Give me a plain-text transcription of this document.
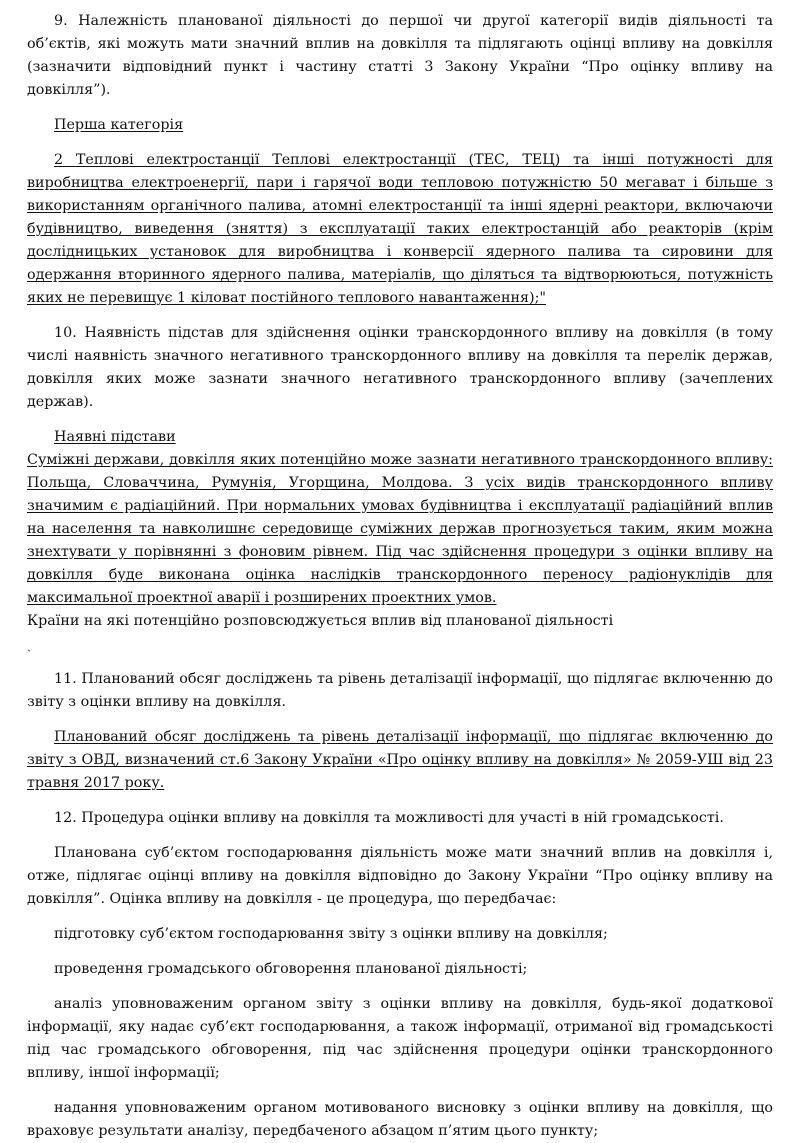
9. Належність планованої діяльності до першої чи другої категорії видів діяльності та об’єктів, які можуть мати значний вплив на довкілля та підлягають оцінці впливу на довкілля (зазначити відповідний пункт і частину статті 3 Закону України “Про оцінку впливу на довкілля”).

Перша категорія

2 Теплові електростанції Теплові електростанції (ТЕС, ТЕЦ) та інші потужності для виробництва електроенергії, пари і гарячої води тепловою потужністю 50 мегават і більше з використанням органічного палива, атомні електростанції та інші ядерні реактори, включаючи будівництво, виведення (зняття) з експлуатації таких електростанцій або реакторів (крім дослідницьких установок для виробництва і конверсії ядерного палива та сировини для одержання вторинного ядерного палива, матеріалів, що діляться та відтворюються, потужність яких не перевищує 1 кіловат постійного теплового навантаження);"

10. Наявність підстав для здійснення оцінки транскордонного впливу на довкілля (в тому числі наявність значного негативного транскордонного впливу на довкілля та перелік держав, довкілля яких може зазнати значного негативного транскордонного впливу (зачеплених держав).

Наявні підстави

Суміжні держави, довкілля яких потенційно може зазнати негативного транскордонного впливу: Польща, Словаччина, Румунія, Угорщина, Молдова. З усіх видів транскордонного впливу значимим є радіаційний. При нормальних умовах будівництва і експлуатації радіаційний вплив на населення та навколишнє середовище суміжних держав прогнозується таким, яким можна знехтувати у порівнянні з фоновим рівнем. Під час здійснення процедури з оцінки впливу на довкілля буде виконана оцінка наслідків транскордонного переносу радіонуклідів для максимальної проектної аварії і розширених проектних умов.

Країни на які потенційно розповсюджується вплив від планованої діяльності

ˏ

11. Планований обсяг досліджень та рівень деталізації інформації, що підлягає включенню до звіту з оцінки впливу на довкілля.

Планований обсяг досліджень та рівень деталізації інформації, що підлягає включенню до звіту з ОВД, визначений ст.6 Закону України «Про оцінку впливу на довкілля» № 2059-УШ від 23 травня 2017 року.

12. Процедура оцінки впливу на довкілля та можливості для участі в ній громадськості.

Планована суб’єктом господарювання діяльність може мати значний вплив на довкілля і, отже, підлягає оцінці впливу на довкілля відповідно до Закону України “Про оцінку впливу на довкілля”. Оцінка впливу на довкілля - це процедура, що передбачає:

підготовку суб’єктом господарювання звіту з оцінки впливу на довкілля;

проведення громадського обговорення планованої діяльності;

аналіз уповноваженим органом звіту з оцінки впливу на довкілля, будь-якої додаткової інформації, яку надає суб’єкт господарювання, а також інформації, отриманої від громадськості під час громадського обговорення, під час здійснення процедури оцінки транскордонного впливу, іншої інформації;

надання уповноваженим органом мотивованого висновку з оцінки впливу на довкілля, що враховує результати аналізу, передбаченого абзацом п’ятим цього пункту;
